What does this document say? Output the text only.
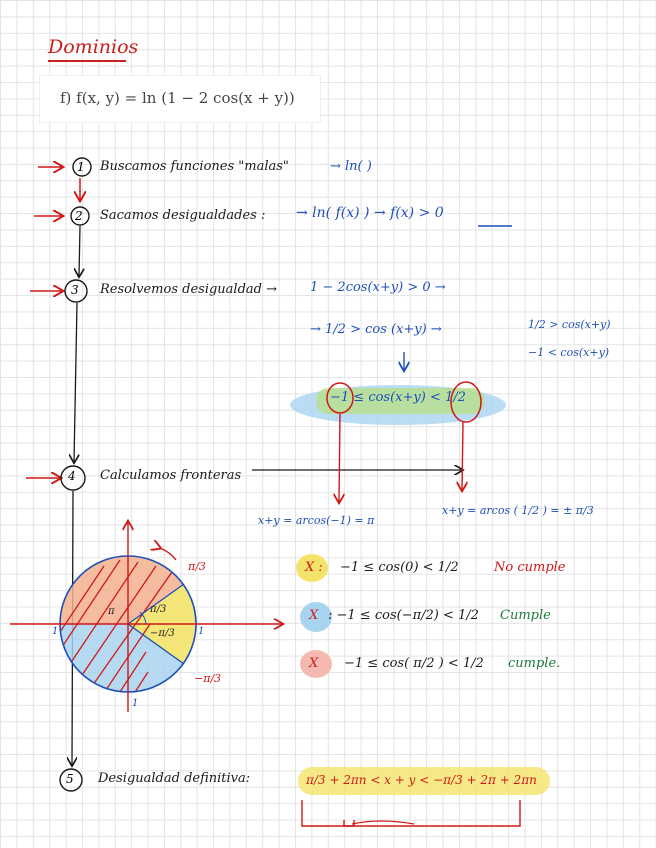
Dominios
f) f(x, y) = ln (1 − 2 cos(x + y))
Buscamos funciones "malas"	→ ln( )
1
Sacamos desigualdades : → ln( f(x) ) → f(x) > 0
2
Resolvemos desigualdad →	1 − 2cos(x+y) > 0 →
3
→ 1/2 > cos (x+y) →	1/2 > cos(x+y)
−1 < cos(x+y)
−1 ≤ cos(x+y) < 1/2
Calculamos fronteras
4
x+y = arcos(−1) = π
x+y = arcos ( 1/2 ) = ± π/3
π/3
−π/3
π/3
−π/3
π
1
1	1
X : −1 ≤ cos(0) < 1/2	No cumple
X : −1 ≤ cos(−π/2) < 1/2 Cumple
X −1 ≤ cos( π/2 ) < 1/2 cumple.
5 Desigualdad definitiva:	π/3 + 2πn < x + y < −π/3 + 2π + 2πn
